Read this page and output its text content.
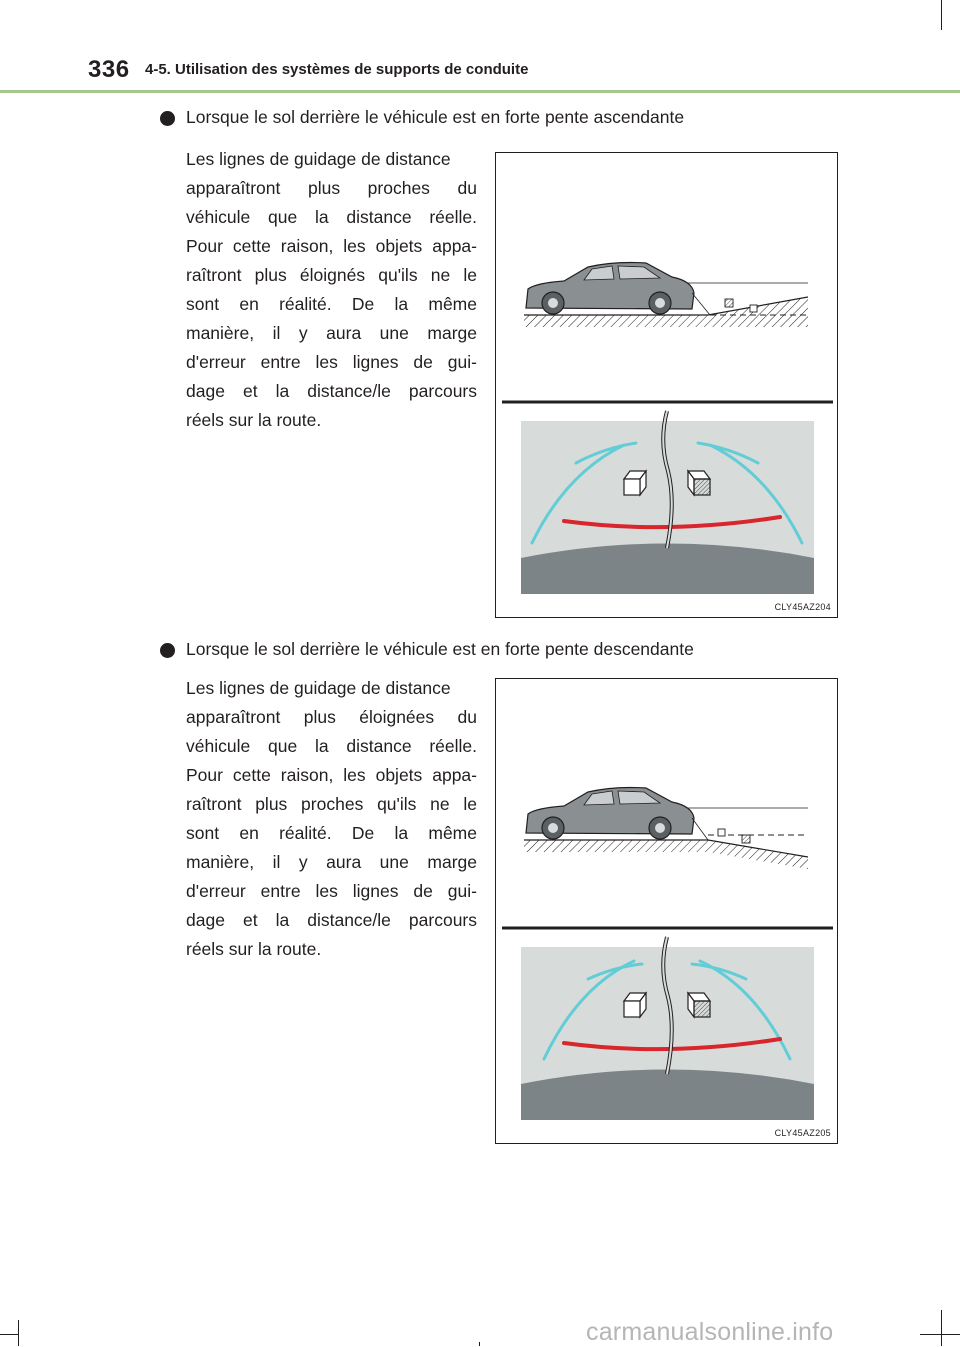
336 4-5. Utilisation des systèmes de supports de conduite
Lorsque le sol derrière le véhicule est en forte pente ascendante
Les lignes de guidage de distance
apparaîtront plus proches du
véhicule que la distance réelle.
Pour cette raison, les objets appa-
raîtront plus éloignés qu'ils ne le
sont en réalité. De la même
manière, il y aura une marge
d'erreur entre les lignes de gui-
dage et la distance/le parcours
réels sur la route.
CLY45AZ204
Lorsque le sol derrière le véhicule est en forte pente descendante
Les lignes de guidage de distance
apparaîtront plus éloignées du
véhicule que la distance réelle.
Pour cette raison, les objets appa-
raîtront plus proches qu'ils ne le
sont en réalité. De la même
manière, il y aura une marge
d'erreur entre les lignes de gui-
dage et la distance/le parcours
réels sur la route.
CLY45AZ205
carmanualsonline.info
